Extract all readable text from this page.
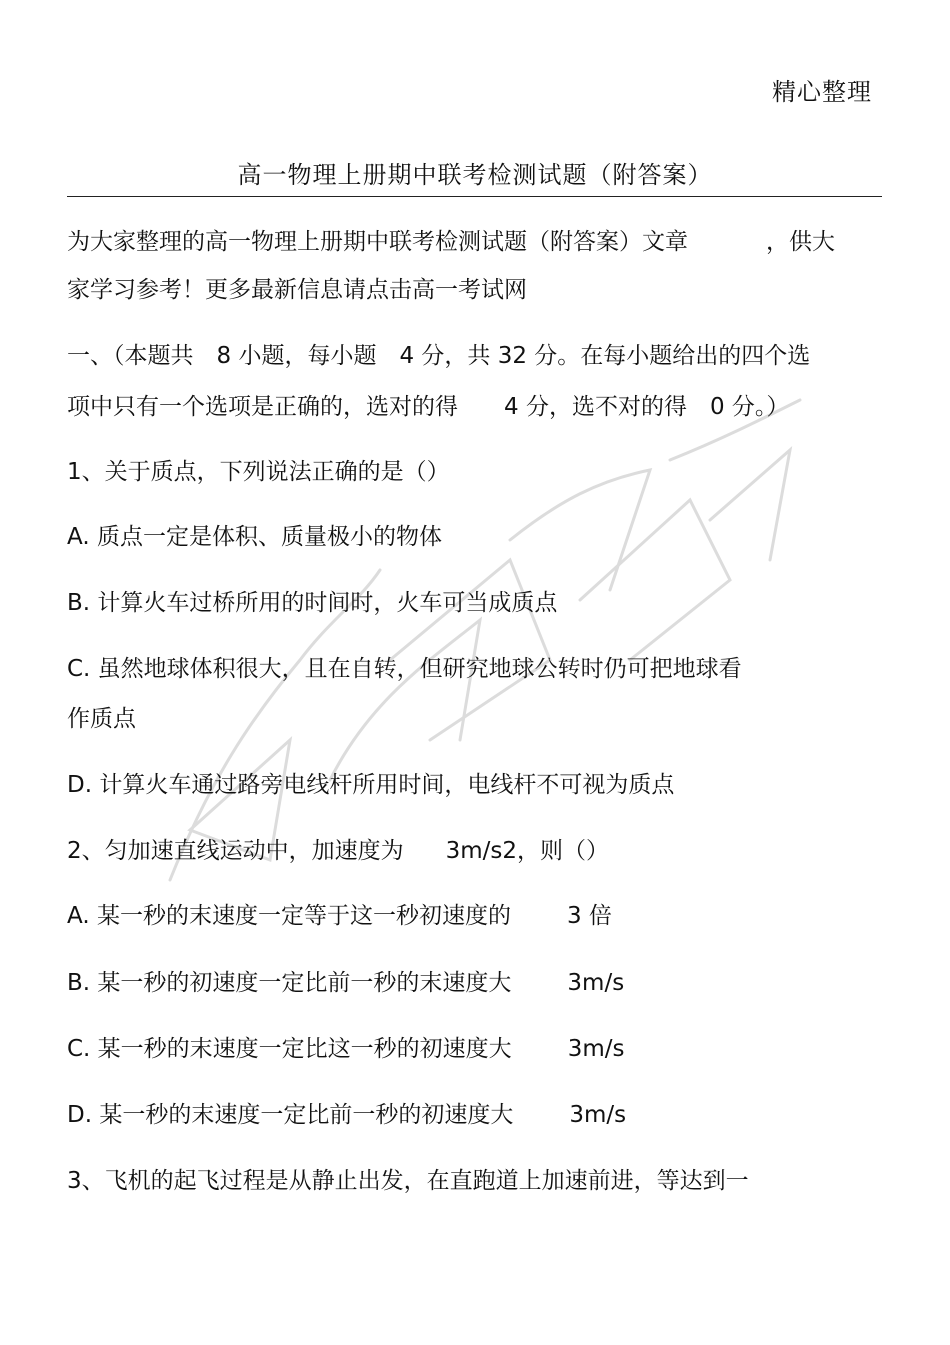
精心整理
高一物理上册期中联考检测试题（附答案）
为大家整理的高一物理上册期中联考检测试题（附答案）文章	，供大
家学习参考！更多最新信息请点击高一考试网
一、（本题共　8 小题，每小题　4 分，共 32 分。在每小题给出的四个选
项中只有一个选项是正确的，选对的得 4 分，选不对的得　0 分。）
1、关于质点，下列说法正确的是（）
A. 质点一定是体积、质量极小的物体
B. 计算火车过桥所用的时间时，火车可当成质点
C. 虽然地球体积很大，且在自转，但研究地球公转时仍可把地球看
作质点
D. 计算火车通过路旁电线杆所用时间，电线杆不可视为质点
2、匀加速直线运动中，加速度为 3m/s2，则（）
A. 某一秒的末速度一定等于这一秒初速度的 3 倍
B. 某一秒的初速度一定比前一秒的末速度大 3m/s
C. 某一秒的末速度一定比这一秒的初速度大 3m/s
D. 某一秒的末速度一定比前一秒的初速度大 3m/s
3、飞机的起飞过程是从静止出发，在直跑道上加速前进，等达到一
